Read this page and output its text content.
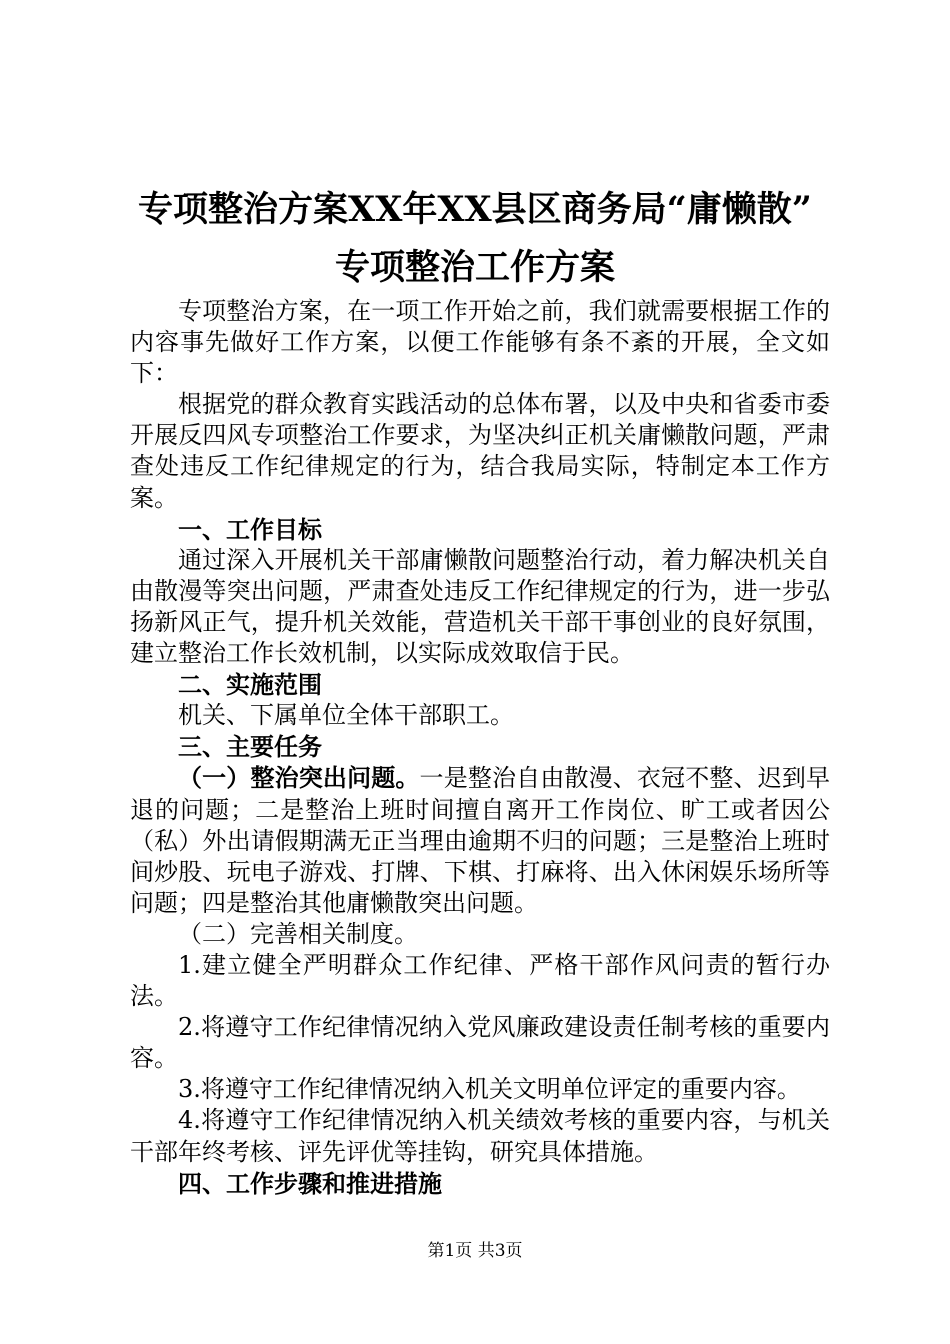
专项整治方案XX年XX县区商务局“庸懒散”
专项整治工作方案

专项整治方案，在一项工作开始之前，我们就需要根据工作的内容事先做好工作方案，以便工作能够有条不紊的开展，全文如下：

根据党的群众教育实践活动的总体布署，以及中央和省委市委开展反四风专项整治工作要求，为坚决纠正机关庸懒散问题，严肃查处违反工作纪律规定的行为，结合我局实际，特制定本工作方案。

一、工作目标

通过深入开展机关干部庸懒散问题整治行动，着力解决机关自由散漫等突出问题，严肃查处违反工作纪律规定的行为，进一步弘扬新风正气，提升机关效能，营造机关干部干事创业的良好氛围，建立整治工作长效机制，以实际成效取信于民。

二、实施范围

机关、下属单位全体干部职工。

三、主要任务

（一）整治突出问题。一是整治自由散漫、衣冠不整、迟到早退的问题；二是整治上班时间擅自离开工作岗位、旷工或者因公（私）外出请假期满无正当理由逾期不归的问题；三是整治上班时间炒股、玩电子游戏、打牌、下棋、打麻将、出入休闲娱乐场所等问题；四是整治其他庸懒散突出问题。

（二）完善相关制度。

1.建立健全严明群众工作纪律、严格干部作风问责的暂行办法。

2.将遵守工作纪律情况纳入党风廉政建设责任制考核的重要内容。

3.将遵守工作纪律情况纳入机关文明单位评定的重要内容。

4.将遵守工作纪律情况纳入机关绩效考核的重要内容，与机关干部年终考核、评先评优等挂钩，研究具体措施。

四、工作步骤和推进措施

第1页 共3页
